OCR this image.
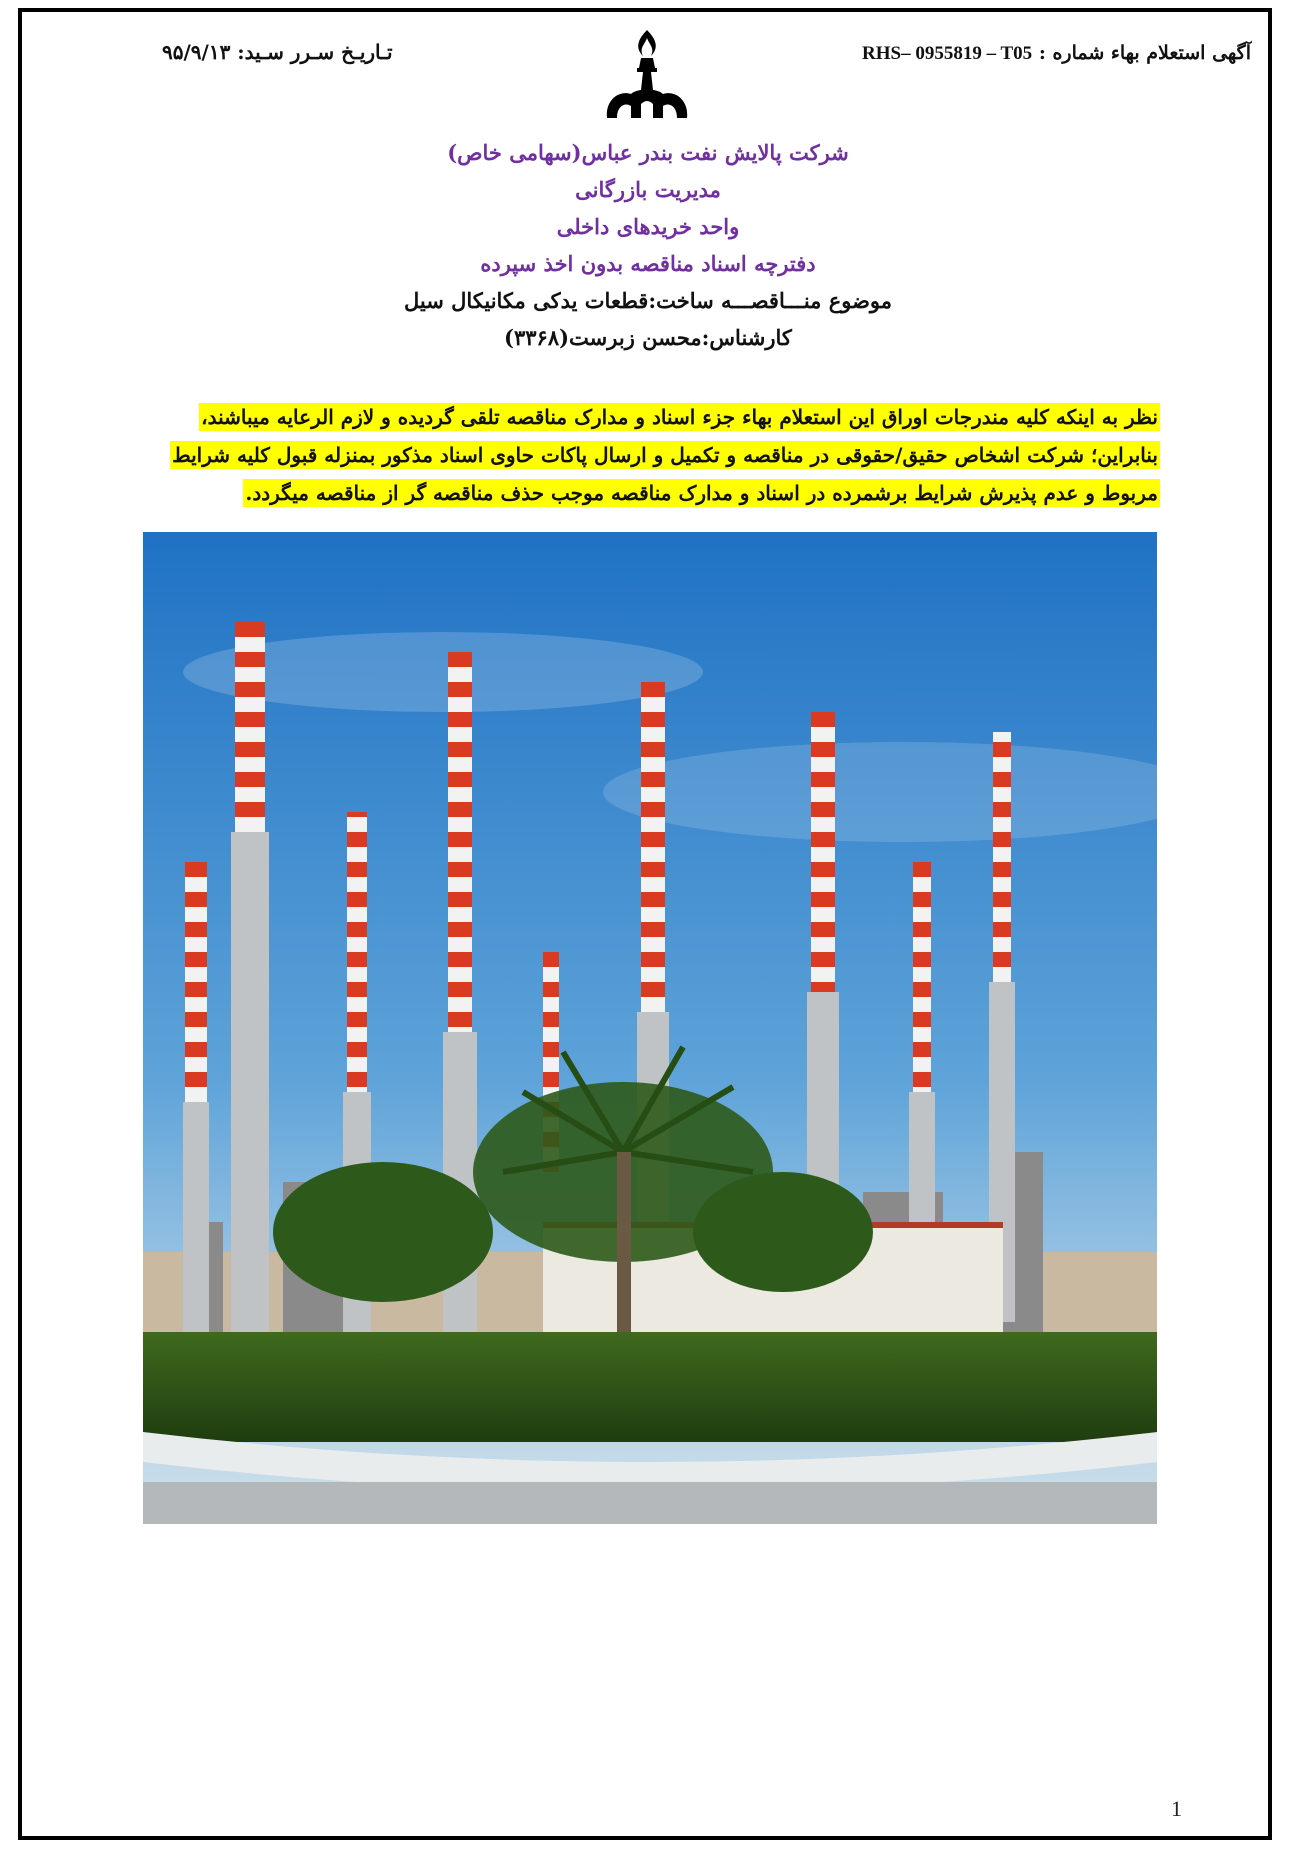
آگهی استعلام بهاء شماره : RHS– 0955819 – T05
تـاریـخ سـرر سـید: ۹۵/۹/۱۳
شرکت پالایش نفت بندر عباس(سهامی خاص)
مدیریت بازرگانی
واحد خریدهای داخلی
دفترچه اسناد مناقصه بدون اخذ سپرده
موضوع منـــاقصـــه ساخت:قطعات یدکی مکانیکال سیل
کارشناس:محسن زبرست(۳۳۶۸)
نظر به اینکه کلیه مندرجات اوراق این استعلام بهاء جزء اسناد و مدارک مناقصه تلقی گردیده و لازم الرعایه میباشند،
بنابراین؛ شرکت اشخاص حقیق/حقوقی در مناقصه و تکمیل و ارسال پاکات حاوی اسناد مذکور بمنزله قبول کلیه شرایط
مربوط و عدم پذیرش شرایط برشمرده در اسناد و مدارک مناقصه موجب حذف مناقصه گر از مناقصه میگردد.
1
